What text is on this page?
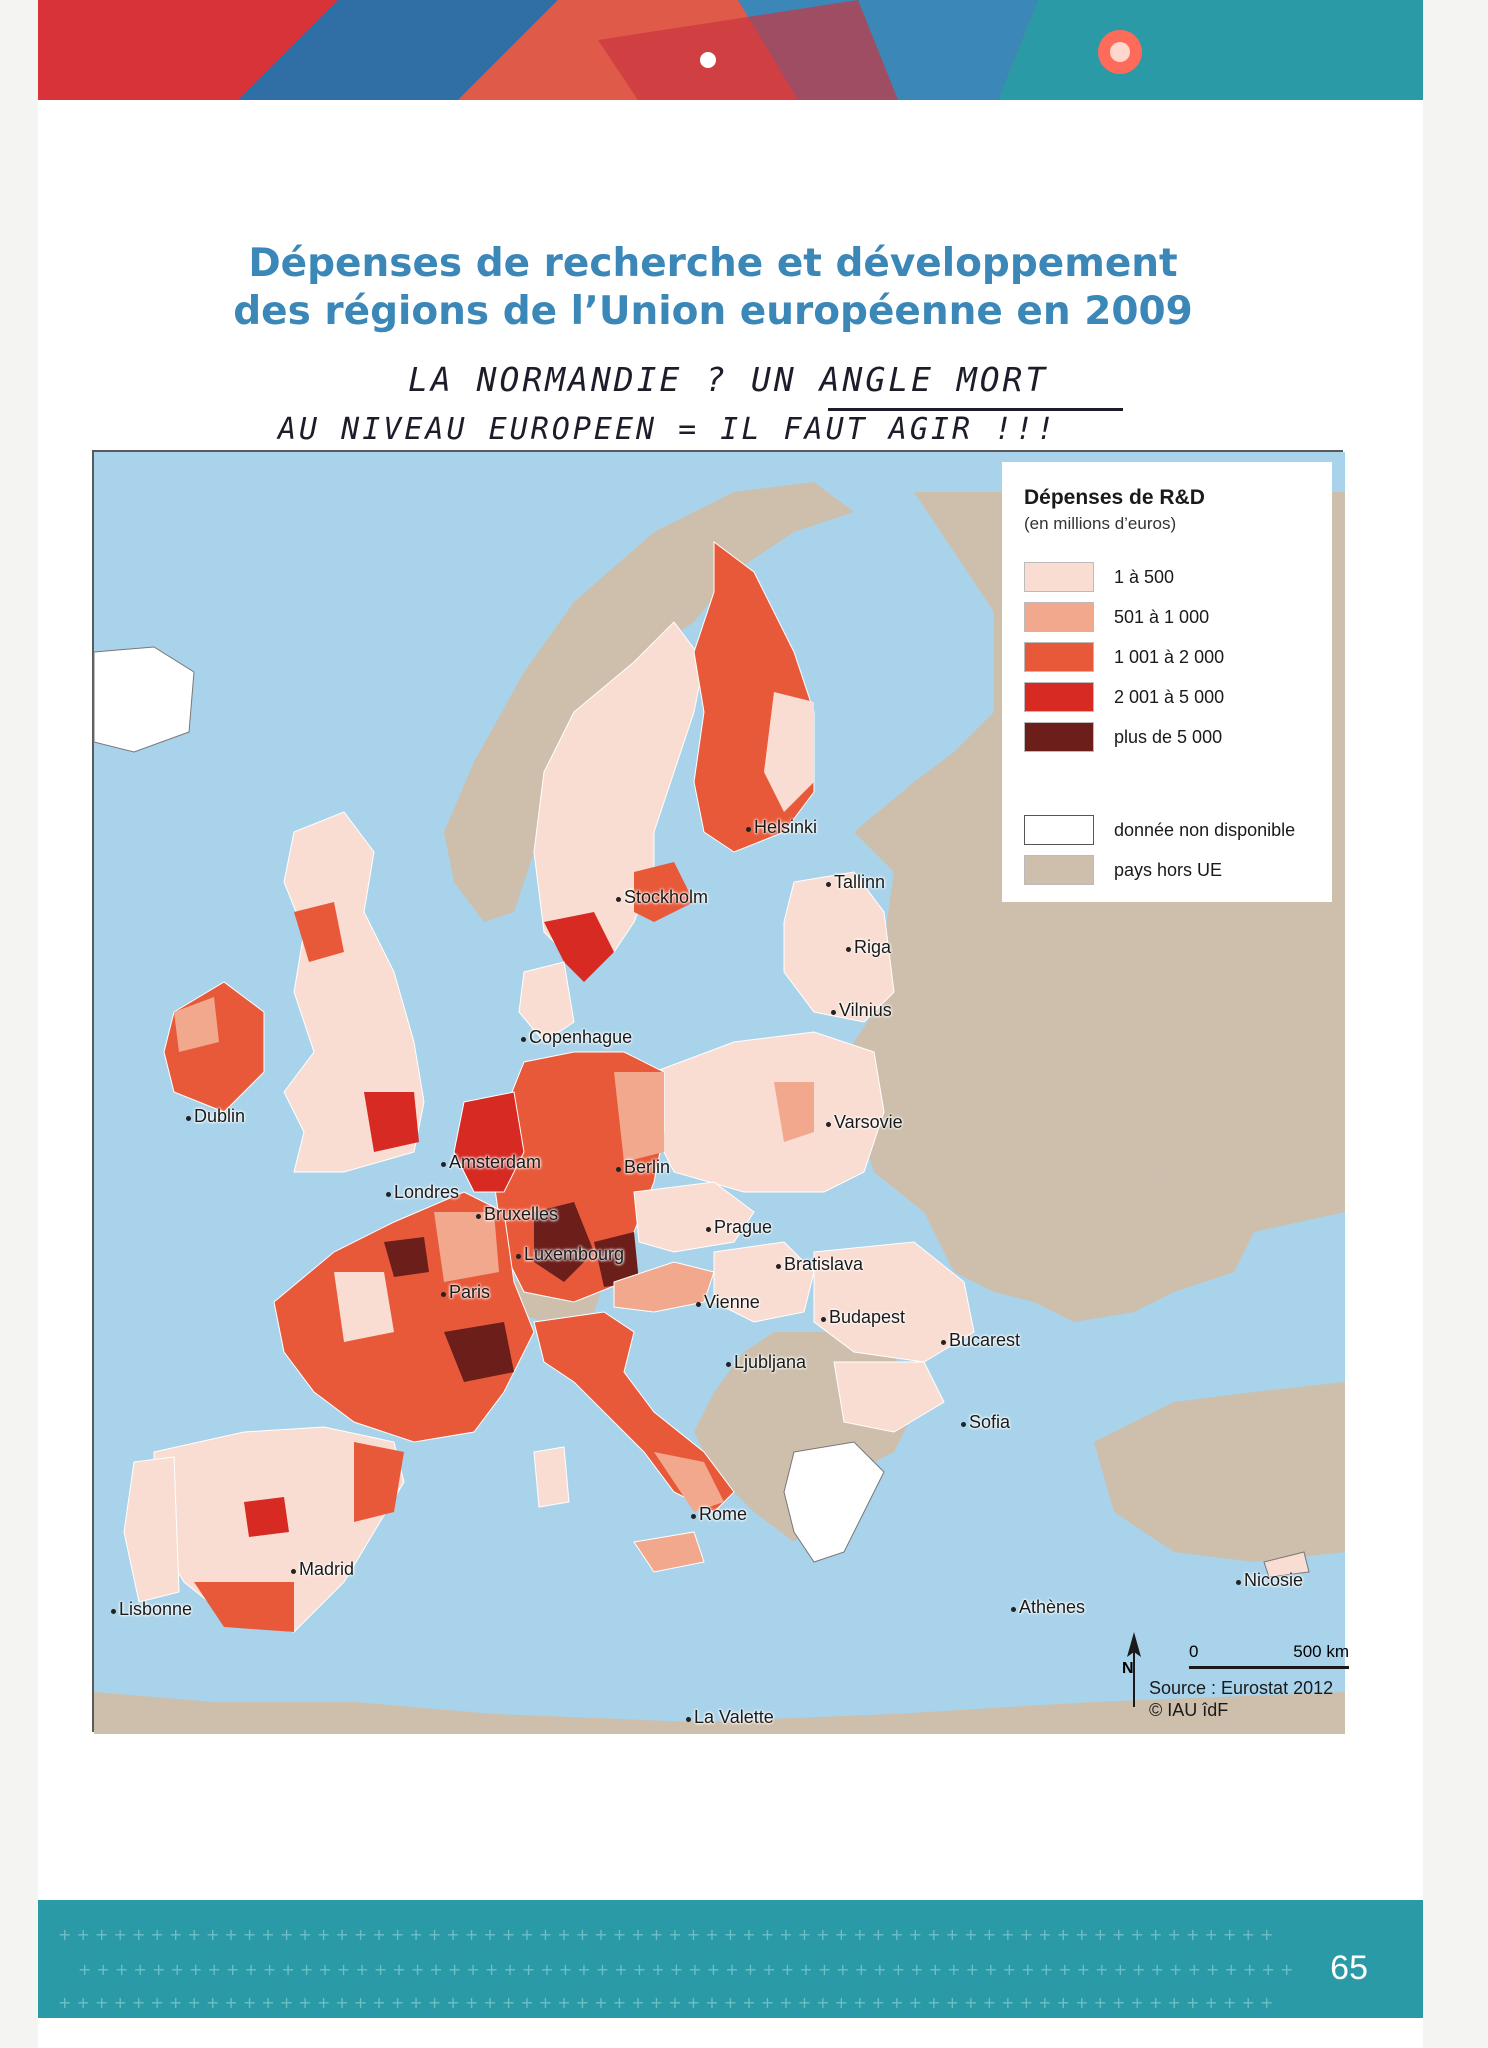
Dépenses de recherche et développement
des régions de l’Union européenne en 2009
LA NORMANDIE ? UN ANGLE MORT
AU NIVEAU EUROPEEN = IL FAUT AGIR !!!
Helsinki
Tallinn
Stockholm
Riga
Vilnius
Copenhague
Dublin
Amsterdam	Berlin
Varsovie
Londres
Bruxelles
Prague
Luxembourg
Paris
Bratislava
Vienne
Budapest
Ljubljana
Bucarest
Sofia
Rome
Madrid
Lisbonne	Athènes
Nicosie
La Valette
Dépenses de R&D
(en millions d’euros)
1 à 500
501 à 1 000
1 001 à 2 000
2 001 à 5 000
plus de 5 000
donnée non disponible
pays hors UE
N
0	500 km
Source : Eurostat 2012
© IAU îdF
+ + + + + + + + + + + + + + + + + + + + + + + + + + + + + + + + + + + + + + + + + + + + + + + + + + + + + + + + + + + + + + + + + +
+ + + + + + + + + + + + + + + + + + + + + + + + + + + + + + + + + + + + + + + + + + + + + + + + + + + + + + + + + + + + + + + + + +
+ + + + + + + + + + + + + + + + + + + + + + + + + + + + + + + + + + + + + + + + + + + + + + + + + + + + + + + + + + + + + + + + + +
65
